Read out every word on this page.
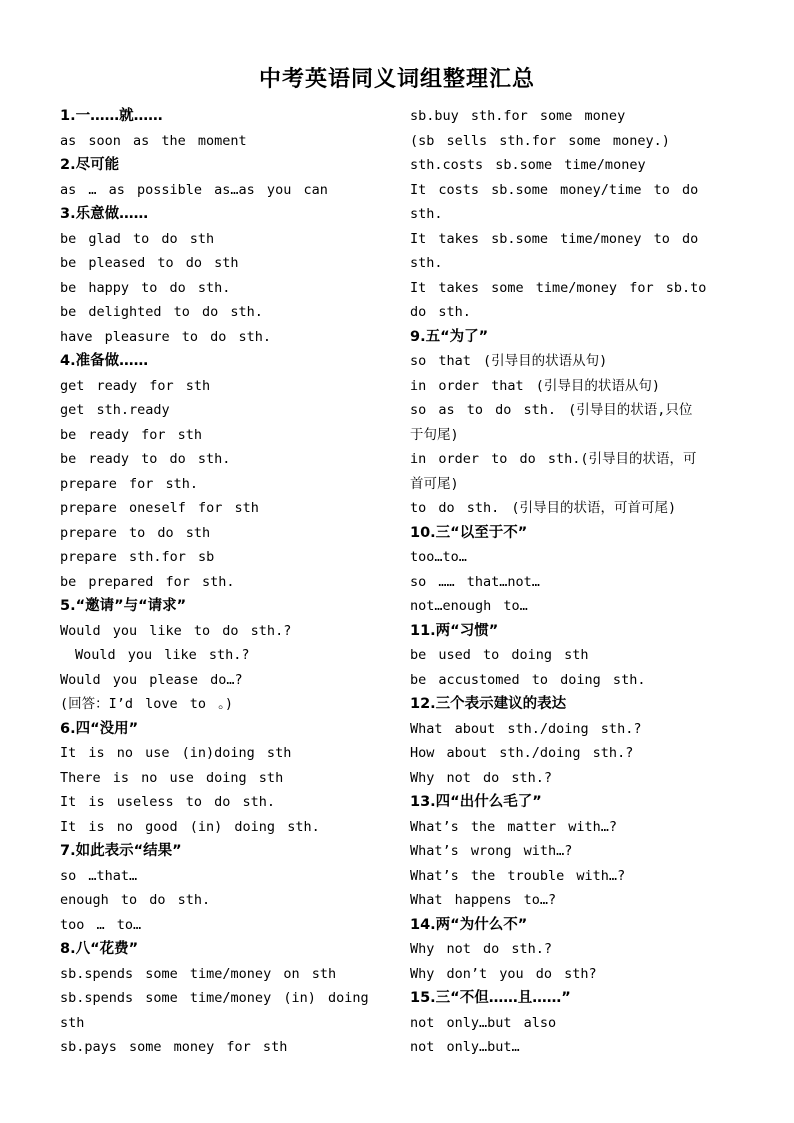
中考英语同义词组整理汇总
1.一……就……
as soon as the moment
2.尽可能
as … as possible as…as you can
3.乐意做……
be glad to do sth
be pleased to do sth
be happy to do sth.
be delighted to do sth.
have pleasure to do sth.
4.准备做……
get ready for sth
get sth.ready
be ready for sth
be ready to do sth.
prepare for sth.
prepare oneself for sth
prepare to do sth
prepare sth.for sb
be prepared for sth.
5.“邀请”与“请求”
Would you like to do sth.?
Would you like sth.?
Would you please do…?
(回答：I’d love to 。)
6.四“没用”
It is no use (in)doing sth
There is no use doing sth
It is useless to do sth.
It is no good (in) doing sth.
7.如此表示“结果”
so …that…
enough to do sth.
too … to…
8.八“花费”
sb.spends some time/money on sth
sb.spends some time/money (in) doing
sth
sb.pays some money for sth
sb.buy sth.for some money
(sb sells sth.for some money.)
sth.costs sb.some time/money
It costs sb.some money/time to do
sth.
It takes sb.some time/money to do
sth.
It takes some time/money for sb.to
do sth.
9.五“为了”
so that (引导目的状语从句)
in order that (引导目的状语从句)
so as to do sth. (引导目的状语,只位
于句尾)
in order to do sth.(引导目的状语，可
首可尾)
to do sth. (引导目的状语，可首可尾)
10.三“以至于不”
too…to…
so …… that…not…
not…enough to…
11.两“习惯”
be used to doing sth
be accustomed to doing sth.
12.三个表示建议的表达
What about sth./doing sth.?
How about sth./doing sth.?
Why not do sth.?
13.四“出什么毛了”
What’s the matter with…?
What’s wrong with…?
What’s the trouble with…?
What happens to…?
14.两“为什么不”
Why not do sth.?
Why don’t you do sth?
15.三“不但……且……”
not only…but also
not only…but…
